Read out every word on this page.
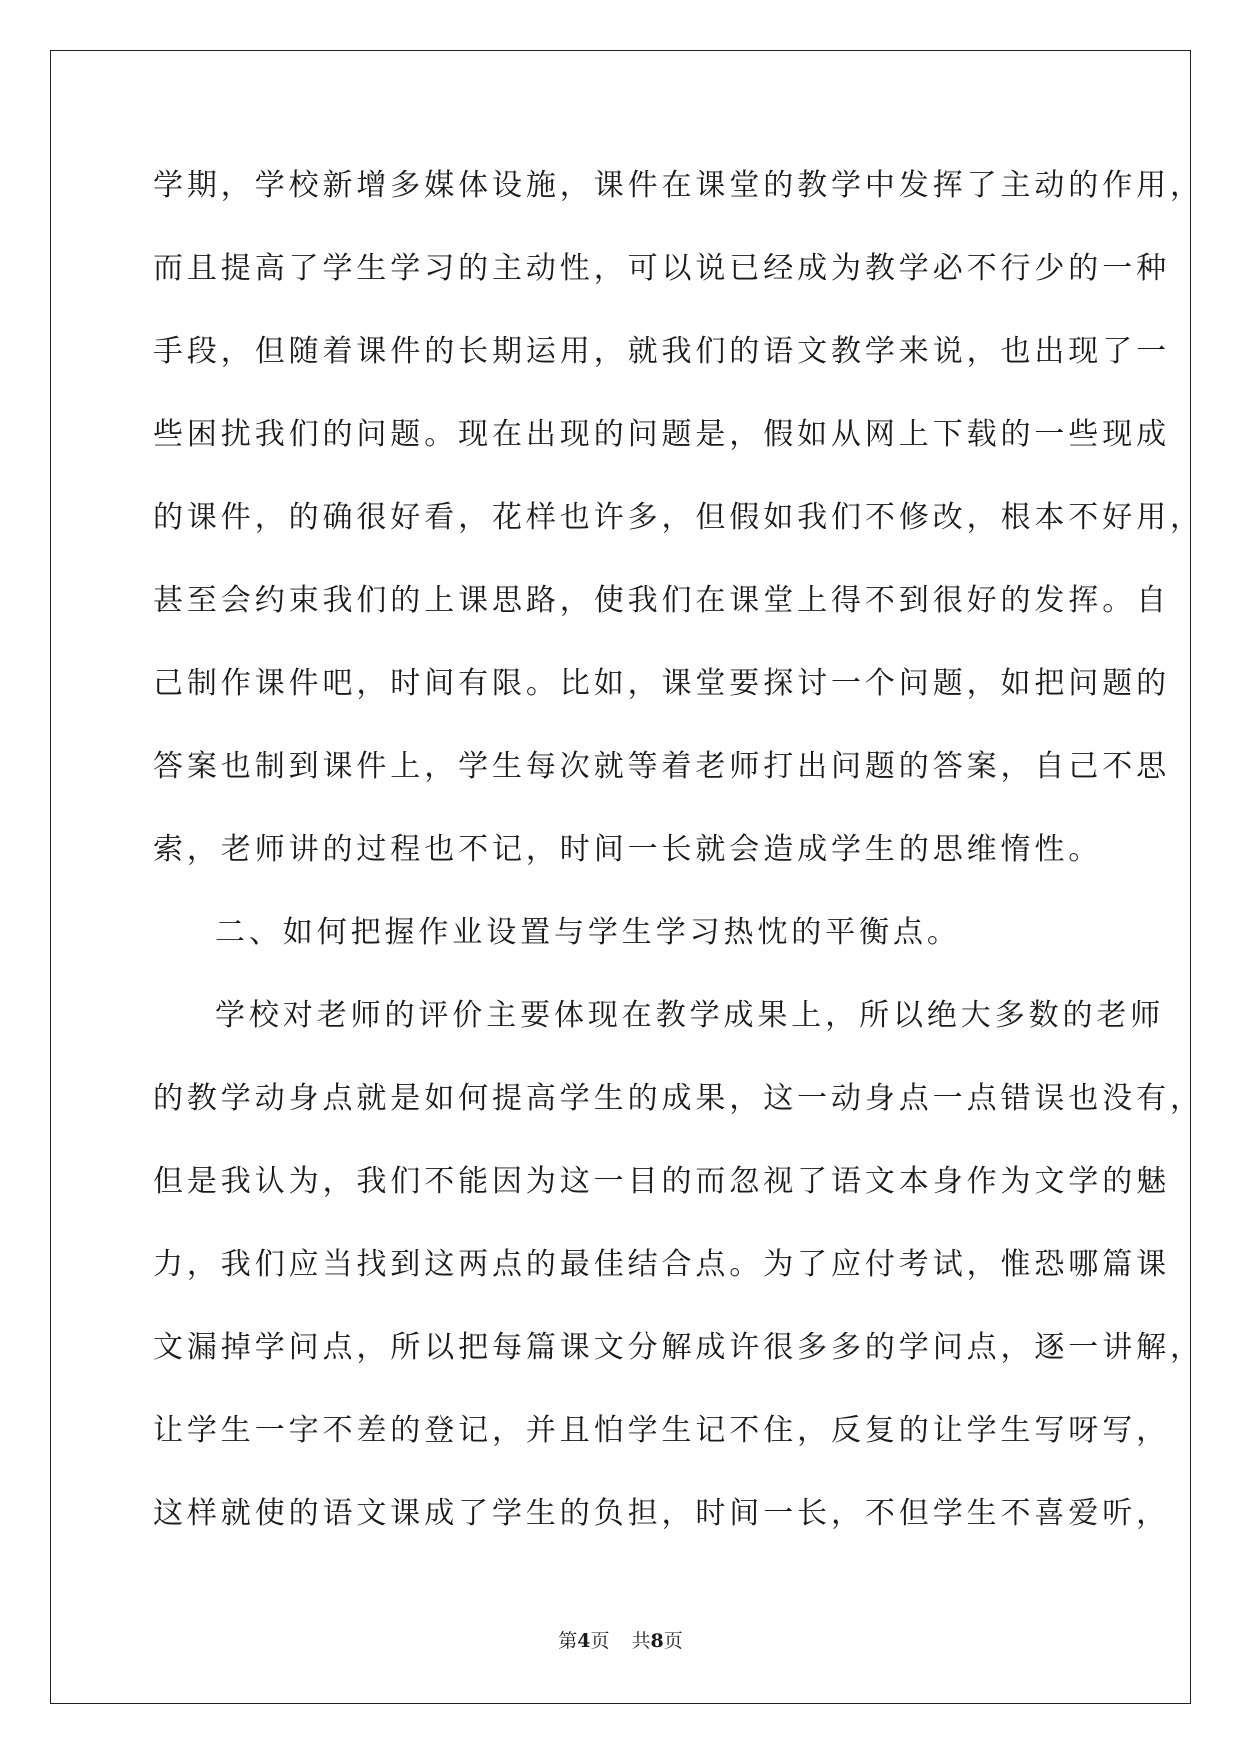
学期，学校新增多媒体设施，课件在课堂的教学中发挥了主动的作用，
而且提高了学生学习的主动性，可以说已经成为教学必不行少的一种
手段，但随着课件的长期运用，就我们的语文教学来说，也出现了一
些困扰我们的问题。现在出现的问题是，假如从网上下载的一些现成
的课件，的确很好看，花样也许多，但假如我们不修改，根本不好用，
甚至会约束我们的上课思路，使我们在课堂上得不到很好的发挥。自
己制作课件吧，时间有限。比如，课堂要探讨一个问题，如把问题的
答案也制到课件上，学生每次就等着老师打出问题的答案，自己不思
索，老师讲的过程也不记，时间一长就会造成学生的思维惰性。
二、如何把握作业设置与学生学习热忱的平衡点。
学校对老师的评价主要体现在教学成果上，所以绝大多数的老师
的教学动身点就是如何提高学生的成果，这一动身点一点错误也没有，
但是我认为，我们不能因为这一目的而忽视了语文本身作为文学的魅
力，我们应当找到这两点的最佳结合点。为了应付考试，惟恐哪篇课
文漏掉学问点，所以把每篇课文分解成许很多多的学问点，逐一讲解，
让学生一字不差的登记，并且怕学生记不住，反复的让学生写呀写，
这样就使的语文课成了学生的负担，时间一长，不但学生不喜爱听，
第4页 共8页
